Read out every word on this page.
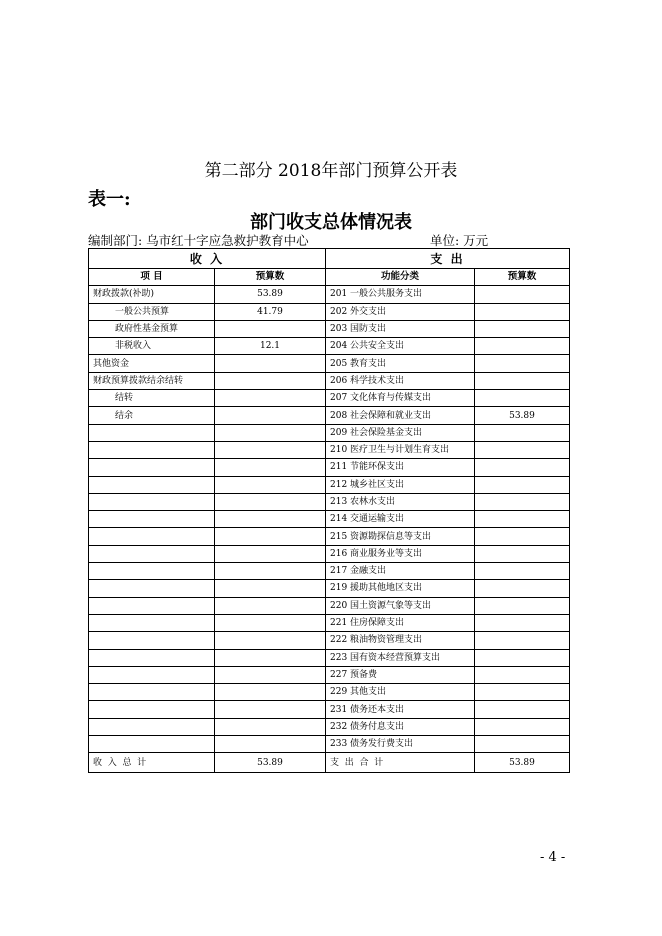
第二部分 2018年部门预算公开表
表一:
部门收支总体情况表
编制部门: 乌市红十字应急救护教育中心	单位: 万元
收 入		支 出	
项 目	预算数	功能分类	预算数
财政拨款(补助)	53.89	201 一般公共服务支出	
一般公共预算	41.79	202 外交支出	
政府性基金预算		203 国防支出	
非税收入	12.1	204 公共安全支出	
其他资金		205 教育支出	
财政预算拨款结余结转		206 科学技术支出	
结转		207 文化体育与传媒支出	
结余		208 社会保障和就业支出	53.89
		209 社会保险基金支出	
		210 医疗卫生与计划生育支出	
		211 节能环保支出	
		212 城乡社区支出	
		213 农林水支出	
		214 交通运输支出	
		215 资源勘探信息等支出	
		216 商业服务业等支出	
		217 金融支出	
		219 援助其他地区支出	
		220 国土资源气象等支出	
		221 住房保障支出	
		222 粮油物资管理支出	
		223 国有资本经营预算支出	
		227 预备费	
		229 其他支出	
		231 债务还本支出	
		232 债务付息支出	
		233 债务发行费支出	
收  入  总  计	53.89	支  出  合  计	53.89
- 4 -
